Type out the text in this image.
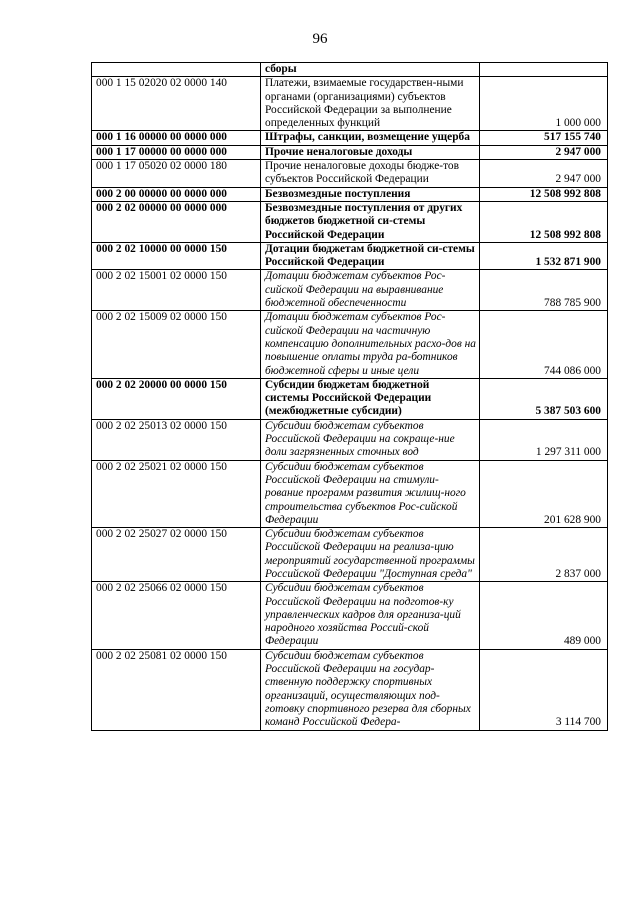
96
	сборы	
000 1 15 02020 02 0000 140	Платежи, взимаемые государствен-ными органами (организациями) субъектов Российской Федерации за выполнение определенных функций	1 000 000
000 1 16 00000 00 0000 000	Штрафы, санкции, возмещение ущерба	517 155 740
000 1 17 00000 00 0000 000	Прочие неналоговые доходы	2 947 000
000 1 17 05020 02 0000 180	Прочие неналоговые доходы бюдже-тов субъектов Российской Федерации	2 947 000
000 2 00 00000 00 0000 000	Безвозмездные поступления	12 508 992 808
000 2 02 00000 00 0000 000	Безвозмездные поступления от других бюджетов бюджетной си-стемы Российской Федерации	12 508 992 808
000 2 02 10000 00 0000 150	Дотации бюджетам бюджетной си-стемы Российской Федерации	1 532 871 900
000 2 02 15001 02 0000 150	Дотации бюджетам субъектов Рос-сийской Федерации на выравнивание бюджетной обеспеченности	788 785 900
000 2 02 15009 02 0000 150	Дотации бюджетам субъектов Рос-сийской Федерации на частичную компенсацию дополнительных расхо-дов на повышение оплаты труда ра-ботников бюджетной сферы и иные цели	744 086 000
000 2 02 20000 00 0000 150	Субсидии бюджетам бюджетной системы Российской Федерации (межбюджетные субсидии)	5 387 503 600
000 2 02 25013 02 0000 150	Субсидии бюджетам субъектов Российской Федерации на сокраще-ние доли загрязненных сточных вод	1 297 311 000
000 2 02 25021 02 0000 150	Субсидии бюджетам субъектов Российской Федерации на стимули-рование программ развития жилищ-ного строительства субъектов Рос-сийской Федерации	201 628 900
000 2 02 25027 02 0000 150	Субсидии бюджетам субъектов Российской Федерации на реализа-цию мероприятий государственной программы Российской Федерации "Доступная среда"	2 837 000
000 2 02 25066 02 0000 150	Субсидии бюджетам субъектов Российской Федерации на подготов-ку управленческих кадров для организа-ций народного хозяйства Россий-ской Федерации	489 000
000 2 02 25081 02 0000 150	Субсидии бюджетам субъектов Российской Федерации на государ-ственную поддержку спортивных организаций, осуществляющих под-готовку спортивного резерва для сборных команд Российской Федера-	3 114 700
